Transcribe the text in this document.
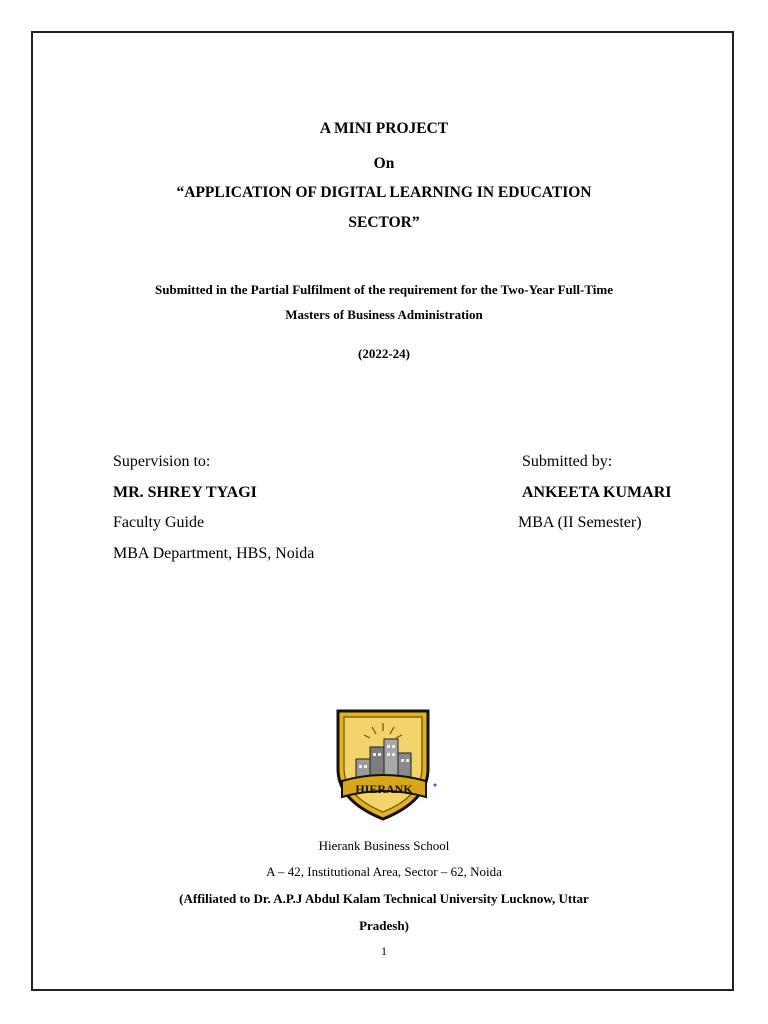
A MINI PROJECT
On
“APPLICATION OF DIGITAL LEARNING IN EDUCATION
SECTOR”
Submitted in the Partial Fulfilment of the requirement for the Two-Year Full-Time
Masters of Business Administration
(2022-24)
Supervision to:
MR. SHREY TYAGI
Faculty Guide
MBA Department, HBS, Noida
Submitted by:
ANKEETA KUMARI
MBA (II Semester)
HIERANK
Hierank Business School
A – 42, Institutional Area, Sector – 62, Noida
(Affiliated to Dr. A.P.J Abdul Kalam Technical University Lucknow, Uttar
Pradesh)
1
